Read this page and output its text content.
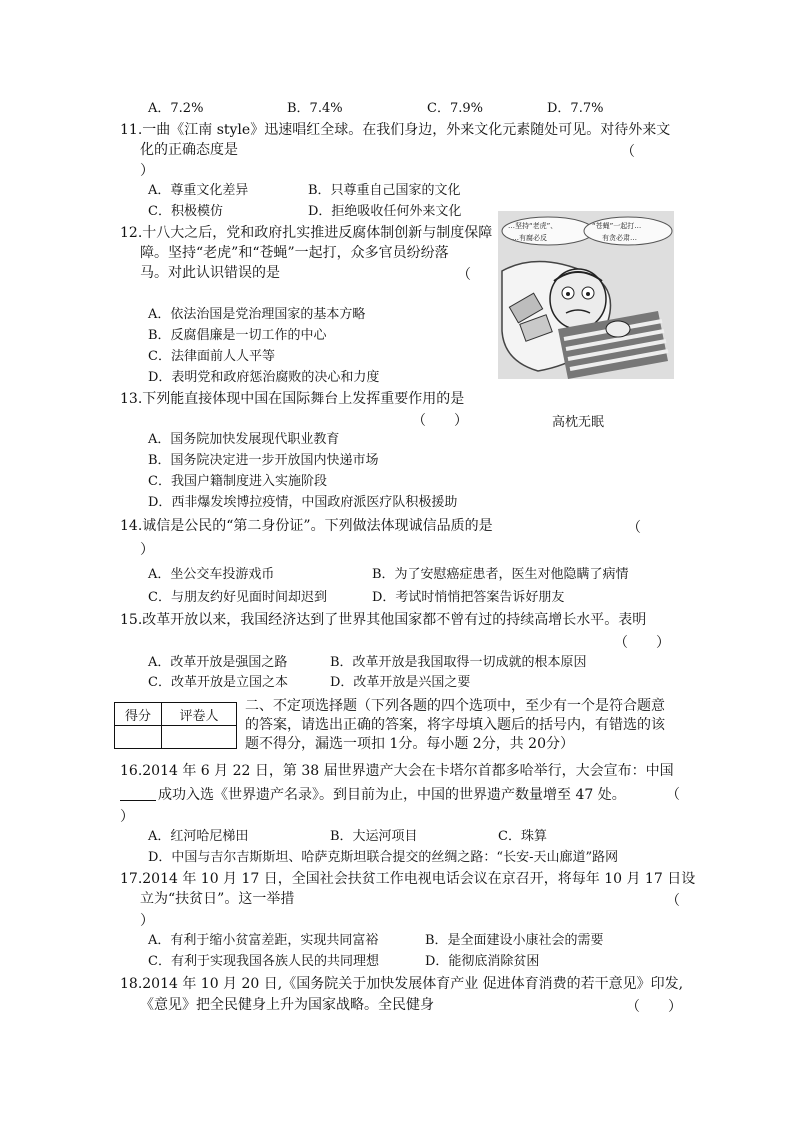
A．7.2%	B．7.4%	C．7.9%	D．7.7%
11.一曲《江南 style》迅速唱红全球。在我们身边，外来文化元素随处可见。对待外来文
化的正确态度是	（
）
A．尊重文化差异	B．只尊重自己国家的文化
C．积极模仿	D．拒绝吸收任何外来文化
12.十八大之后，党和政府扎实推进反腐体制创新与制度保障
障。坚持“老虎”和“苍蝇”一起打，众多官员纷纷落
马。对此认识错误的是	（
A．依法治国是党治理国家的基本方略
B．反腐倡廉是一切工作的中心
C．法律面前人人平等
D．表明党和政府惩治腐败的决心和力度
…坚持“老虎”、	“苍蝇”一起打…
…有腐必反	有贪必肃…
高枕无眠
13.下列能直接体现中国在国际舞台上发挥重要作用的是
（　　）
A．国务院加快发展现代职业教育
B．国务院决定进一步开放国内快递市场
C．我国户籍制度进入实施阶段
D．西非爆发埃博拉疫情，中国政府派医疗队积极援助
14.诚信是公民的“第二身份证”。下列做法体现诚信品质的是	（
）
A．坐公交车投游戏币	B．为了安慰癌症患者，医生对他隐瞒了病情
C．与朋友约好见面时间却迟到	D．考试时悄悄把答案告诉好朋友
15.改革开放以来，我国经济达到了世界其他国家都不曾有过的持续高增长水平。表明
（　　）
A．改革开放是强国之路	B．改革开放是我国取得一切成就的根本原因
C．改革开放是立国之本	D．改革开放是兴国之要
得分	评卷人

二、不定项选择题（下列各题的四个选项中，至少有一个是符合题意
的答案，请选出正确的答案，将字母填入题后的括号内，有错选的该
题不得分，漏选一项扣 1分。每小题 2分，共 20分）
16.2014 年 6 月 22 日，第 38 届世界遗产大会在卡塔尔首都多哈举行，大会宣布：中国
成功入选《世界遗产名录》。到目前为止，中国的世界遗产数量增至 47 处。	（
）
A．红河哈尼梯田	B．大运河项目	C．珠算
D．中国与吉尔吉斯斯坦、哈萨克斯坦联合提交的丝绸之路：“长安-天山廊道”路网
17.2014 年 10 月 17 日，全国社会扶贫工作电视电话会议在京召开，将每年 10 月 17 日设
立为“扶贫日”。这一举措	（
）
A．有利于缩小贫富差距，实现共同富裕	B．是全面建设小康社会的需要
C．有利于实现我国各族人民的共同理想	D．能彻底消除贫困
18.2014 年 10 月 20 日,《国务院关于加快发展体育产业 促进体育消费的若干意见》印发,
《意见》把全民健身上升为国家战略。全民健身	（　　）
